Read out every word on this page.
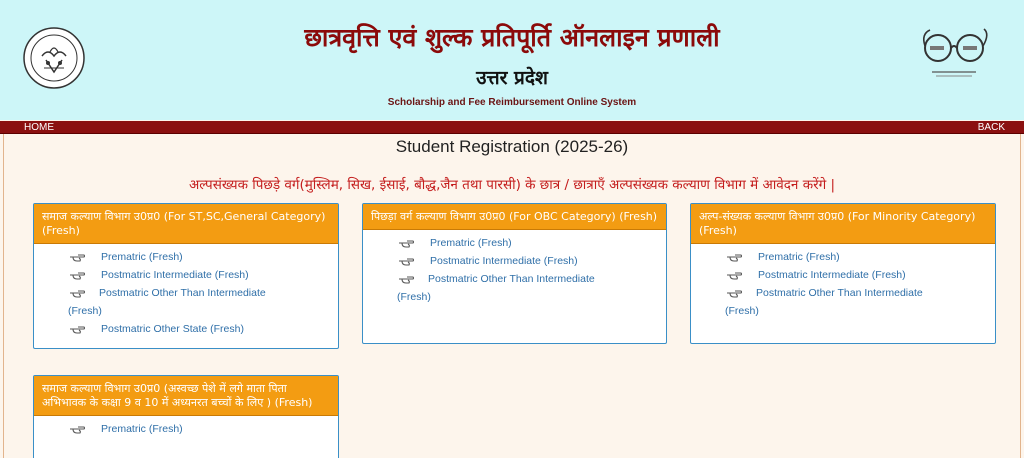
छात्रवृत्ति एवं शुल्क प्रतिपूर्ति ऑनलाइन प्रणाली
उत्तर प्रदेश
Scholarship and Fee Reimbursement Online System
HOME	BACK
Student Registration (2025-26)
अल्पसंख्यक पिछड़े वर्ग(मुस्लिम, सिख, ईसाई, बौद्ध,जैन तथा पारसी) के छात्र / छात्राएँ अल्पसंख्यक कल्याण विभाग में आवेदन करेंगे |
समाज कल्याण विभाग उ0प्र0 (For ST,SC,General Category) (Fresh)
Prematric (Fresh)
Postmatric Intermediate (Fresh)
Postmatric Other Than Intermediate (Fresh)
Postmatric Other State (Fresh)
पिछड़ा वर्ग कल्याण विभाग उ0प्र0 (For OBC Category) (Fresh)
Prematric (Fresh)
Postmatric Intermediate (Fresh)
Postmatric Other Than Intermediate (Fresh)
अल्प-संख्यक कल्याण विभाग उ0प्र0 (For Minority Category) (Fresh)
Prematric (Fresh)
Postmatric Intermediate (Fresh)
Postmatric Other Than Intermediate (Fresh)
समाज कल्याण विभाग उ0प्र0 (अस्वच्छ पेशे में लगे माता पिता अभिभावक के कक्षा 9 व 10 में अध्यनरत बच्चों के लिए ) (Fresh)
Prematric (Fresh)
